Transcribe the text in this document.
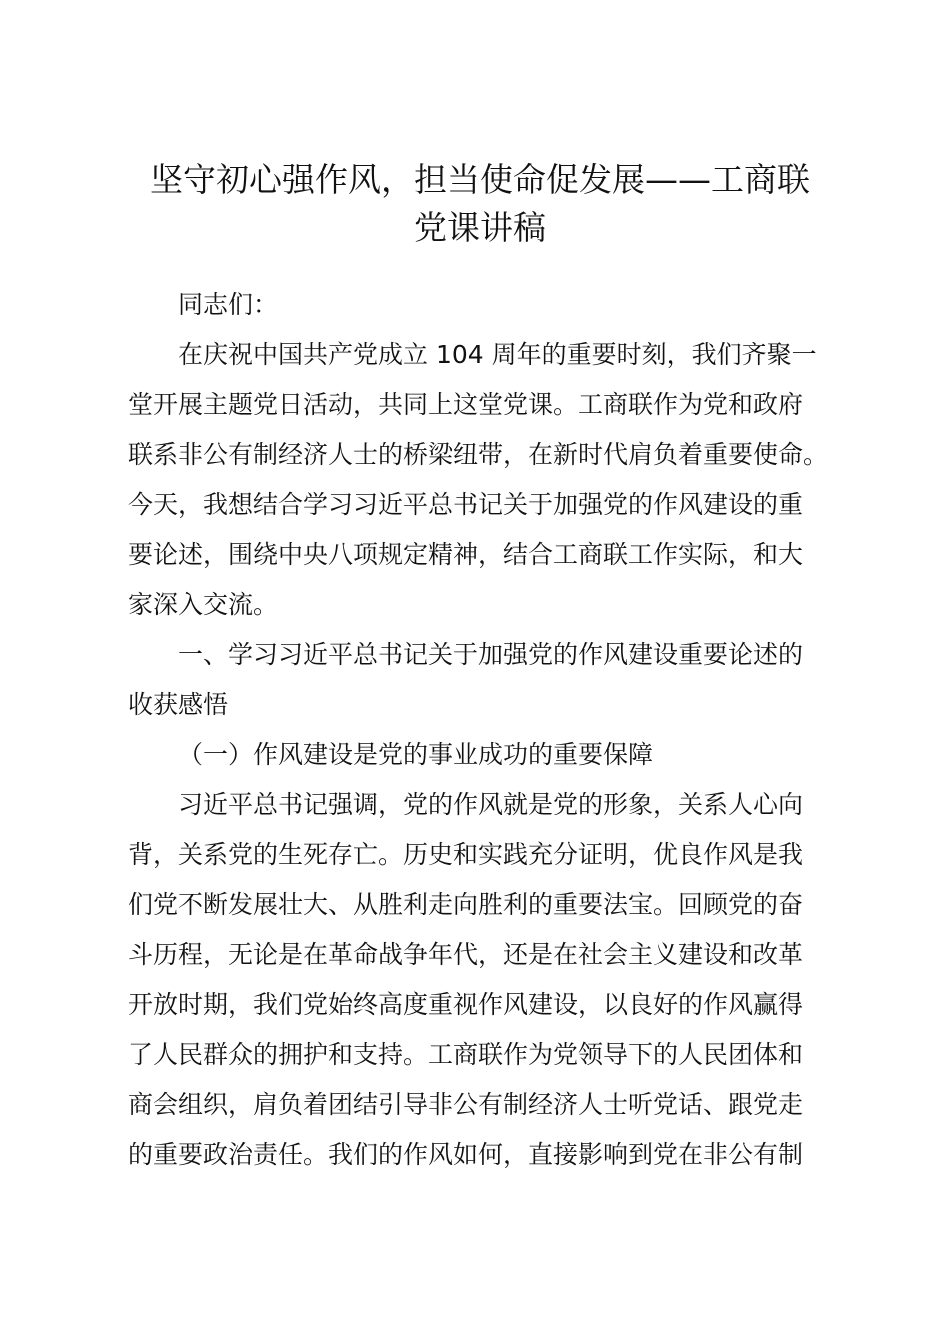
坚守初心强作风，担当使命促发展——工商联
党课讲稿

同志们：

在庆祝中国共产党成立 104 周年的重要时刻，我们齐聚一

堂开展主题党日活动，共同上这堂党课。工商联作为党和政府

联系非公有制经济人士的桥梁纽带，在新时代肩负着重要使命。

今天，我想结合学习习近平总书记关于加强党的作风建设的重

要论述，围绕中央八项规定精神，结合工商联工作实际，和大

家深入交流。

一、学习习近平总书记关于加强党的作风建设重要论述的

收获感悟

（一）作风建设是党的事业成功的重要保障

习近平总书记强调，党的作风就是党的形象，关系人心向

背，关系党的生死存亡。历史和实践充分证明，优良作风是我

们党不断发展壮大、从胜利走向胜利的重要法宝。回顾党的奋

斗历程，无论是在革命战争年代，还是在社会主义建设和改革

开放时期，我们党始终高度重视作风建设，以良好的作风赢得

了人民群众的拥护和支持。工商联作为党领导下的人民团体和

商会组织，肩负着团结引导非公有制经济人士听党话、跟党走

的重要政治责任。我们的作风如何，直接影响到党在非公有制
